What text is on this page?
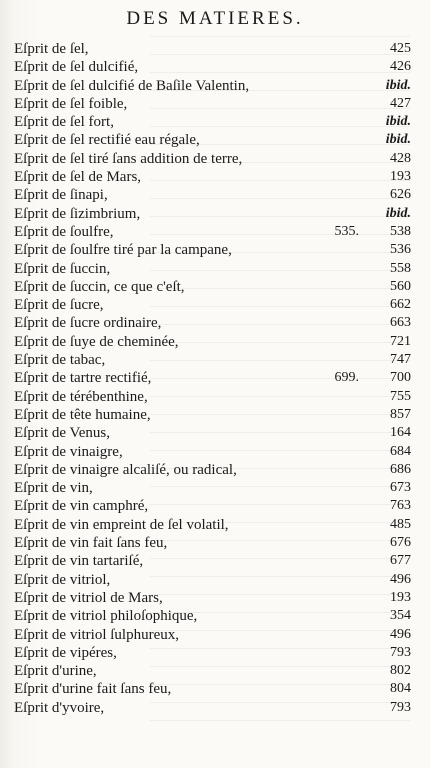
DES MATIERES.
Eſprit de ſel,	425
Eſprit de ſel dulcifié,	426
Eſprit de ſel dulcifié de Baſile Valentin,	ibid.
Eſprit de ſel foible,	427
Eſprit de ſel fort,	ibid.
Eſprit de ſel rectifié eau régale,	ibid.
Eſprit de ſel tiré ſans addition de terre,	428
Eſprit de ſel de Mars,	193
Eſprit de ſinapi,	626
Eſprit de ſizimbrium,	ibid.
Eſprit de ſoulfre,	535. 538
Eſprit de ſoulfre tiré par la campane,	536
Eſprit de ſuccin,	558
Eſprit de ſuccin, ce que c'eſt,	560
Eſprit de ſucre,	662
Eſprit de ſucre ordinaire,	663
Eſprit de ſuye de cheminée,	721
Eſprit de tabac,	747
Eſprit de tartre rectifié,	699. 700
Eſprit de térébenthine,	755
Eſprit de tête humaine,	857
Eſprit de Venus,	164
Eſprit de vinaigre,	684
Eſprit de vinaigre alcaliſé, ou radical,	686
Eſprit de vin,	673
Eſprit de vin camphré,	763
Eſprit de vin empreint de ſel volatil,	485
Eſprit de vin fait ſans feu,	676
Eſprit de vin tartariſé,	677
Eſprit de vitriol,	496
Eſprit de vitriol de Mars,	193
Eſprit de vitriol philoſophique,	354
Eſprit de vitriol ſulphureux,	496
Eſprit de vipéres,	793
Eſprit d'urine,	802
Eſprit d'urine fait ſans feu,	804
Eſprit d'yvoire,	793
